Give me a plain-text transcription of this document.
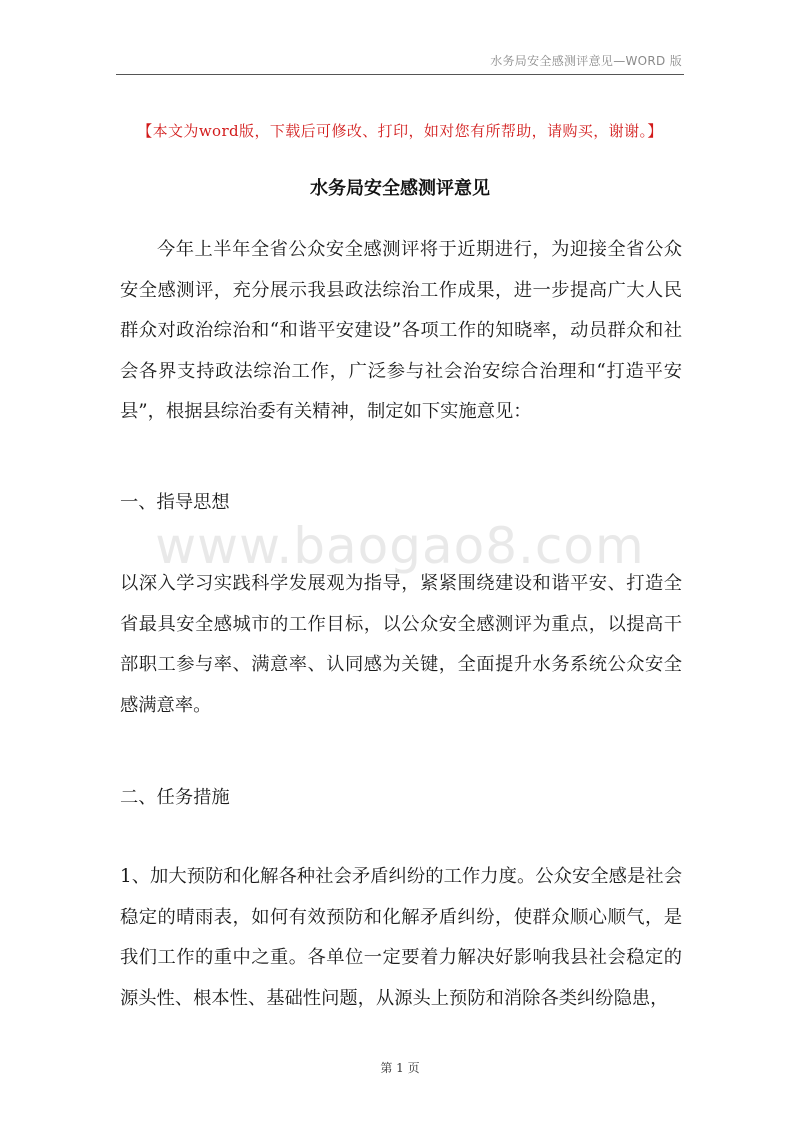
水务局安全感测评意见—WORD 版
【本文为word版，下载后可修改、打印，如对您有所帮助，请购买，谢谢。】
水务局安全感测评意见
今年上半年全省公众安全感测评将于近期进行，为迎接全省公众安全感测评，充分展示我县政法综治工作成果，进一步提高广大人民群众对政治综治和“和谐平安建设”各项工作的知晓率，动员群众和社会各界支持政法综治工作，广泛参与社会治安综合治理和“打造平安县”，根据县综治委有关精神，制定如下实施意见：
一、指导思想
www.baogao8.com
以深入学习实践科学发展观为指导，紧紧围绕建设和谐平安、打造全省最具安全感城市的工作目标，以公众安全感测评为重点，以提高干部职工参与率、满意率、认同感为关键，全面提升水务系统公众安全感满意率。
二、任务措施
1、加大预防和化解各种社会矛盾纠纷的工作力度。公众安全感是社会稳定的晴雨表，如何有效预防和化解矛盾纠纷，使群众顺心顺气，是我们工作的重中之重。各单位一定要着力解决好影响我县社会稳定的源头性、根本性、基础性问题，从源头上预防和消除各类纠纷隐患，
第 1 页
